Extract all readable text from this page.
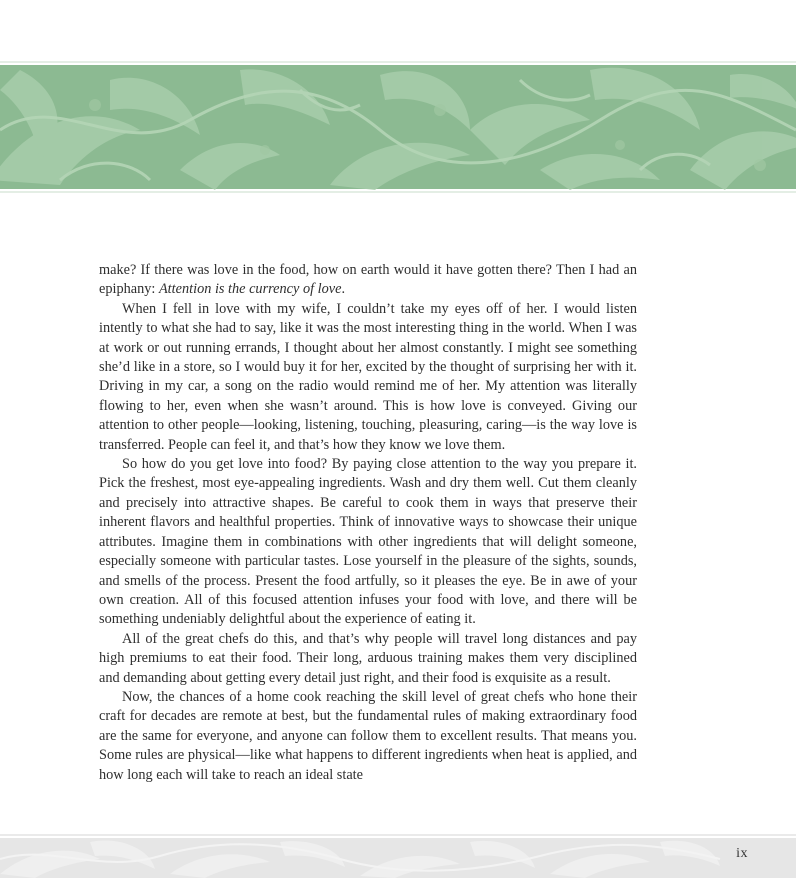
make? If there was love in the food, how on earth would it have gotten there? Then I had an epiphany: Attention is the currency of love.

When I fell in love with my wife, I couldn’t take my eyes off of her. I would listen intently to what she had to say, like it was the most interesting thing in the world. When I was at work or out running errands, I thought about her almost constantly. I might see something she’d like in a store, so I would buy it for her, excited by the thought of surprising her with it. Driving in my car, a song on the radio would remind me of her. My attention was literally flowing to her, even when she wasn’t around. This is how love is conveyed. Giving our attention to other people—looking, listening, touching, pleasuring, caring—is the way love is transferred. People can feel it, and that’s how they know we love them.

So how do you get love into food? By paying close attention to the way you prepare it. Pick the freshest, most eye-appealing ingredients. Wash and dry them well. Cut them cleanly and precisely into attractive shapes. Be careful to cook them in ways that preserve their inherent flavors and healthful properties. Think of innovative ways to showcase their unique attributes. Imagine them in combinations with other ingredients that will delight someone, especially someone with particular tastes. Lose yourself in the pleasure of the sights, sounds, and smells of the process. Present the food artfully, so it pleases the eye. Be in awe of your own creation. All of this focused attention infuses your food with love, and there will be something undeniably delightful about the experience of eating it.

All of the great chefs do this, and that’s why people will travel long distances and pay high premiums to eat their food. Their long, arduous training makes them very disciplined and demanding about getting every detail just right, and their food is exquisite as a result.

Now, the chances of a home cook reaching the skill level of great chefs who hone their craft for decades are remote at best, but the fundamental rules of making extraordinary food are the same for everyone, and anyone can follow them to excellent results. That means you. Some rules are physical—like what happens to different ingredients when heat is applied, and how long each will take to reach an ideal state

ix
